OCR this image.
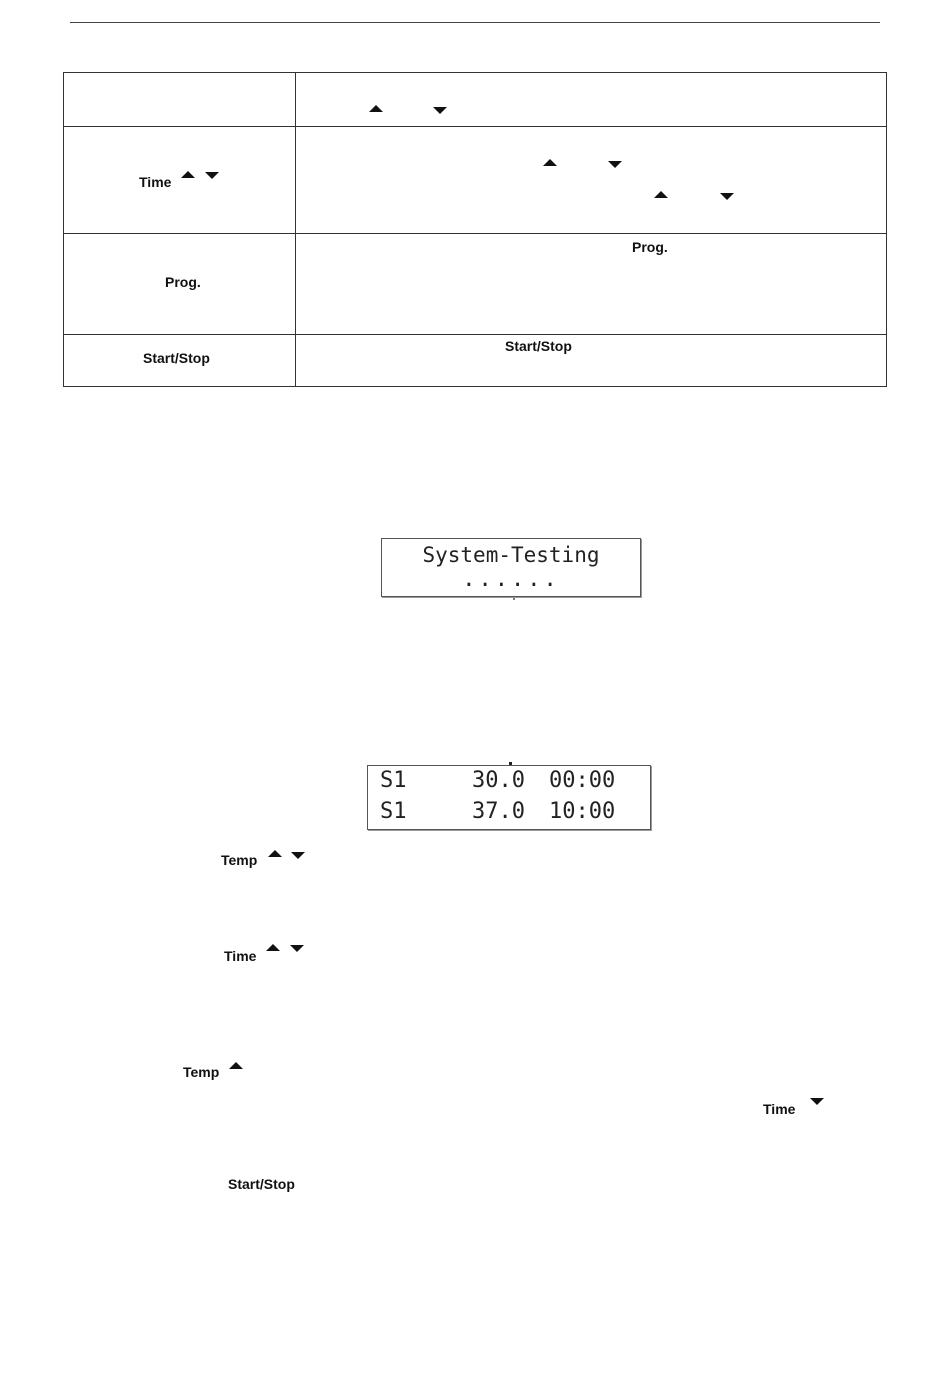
Time	

Prog.	Prog.

Start/Stop	Start/Stop
System-Testing
......
S1	30.0 00:00
S1	37.0 10:00
Temp
Time
Temp
Time
Start/Stop
